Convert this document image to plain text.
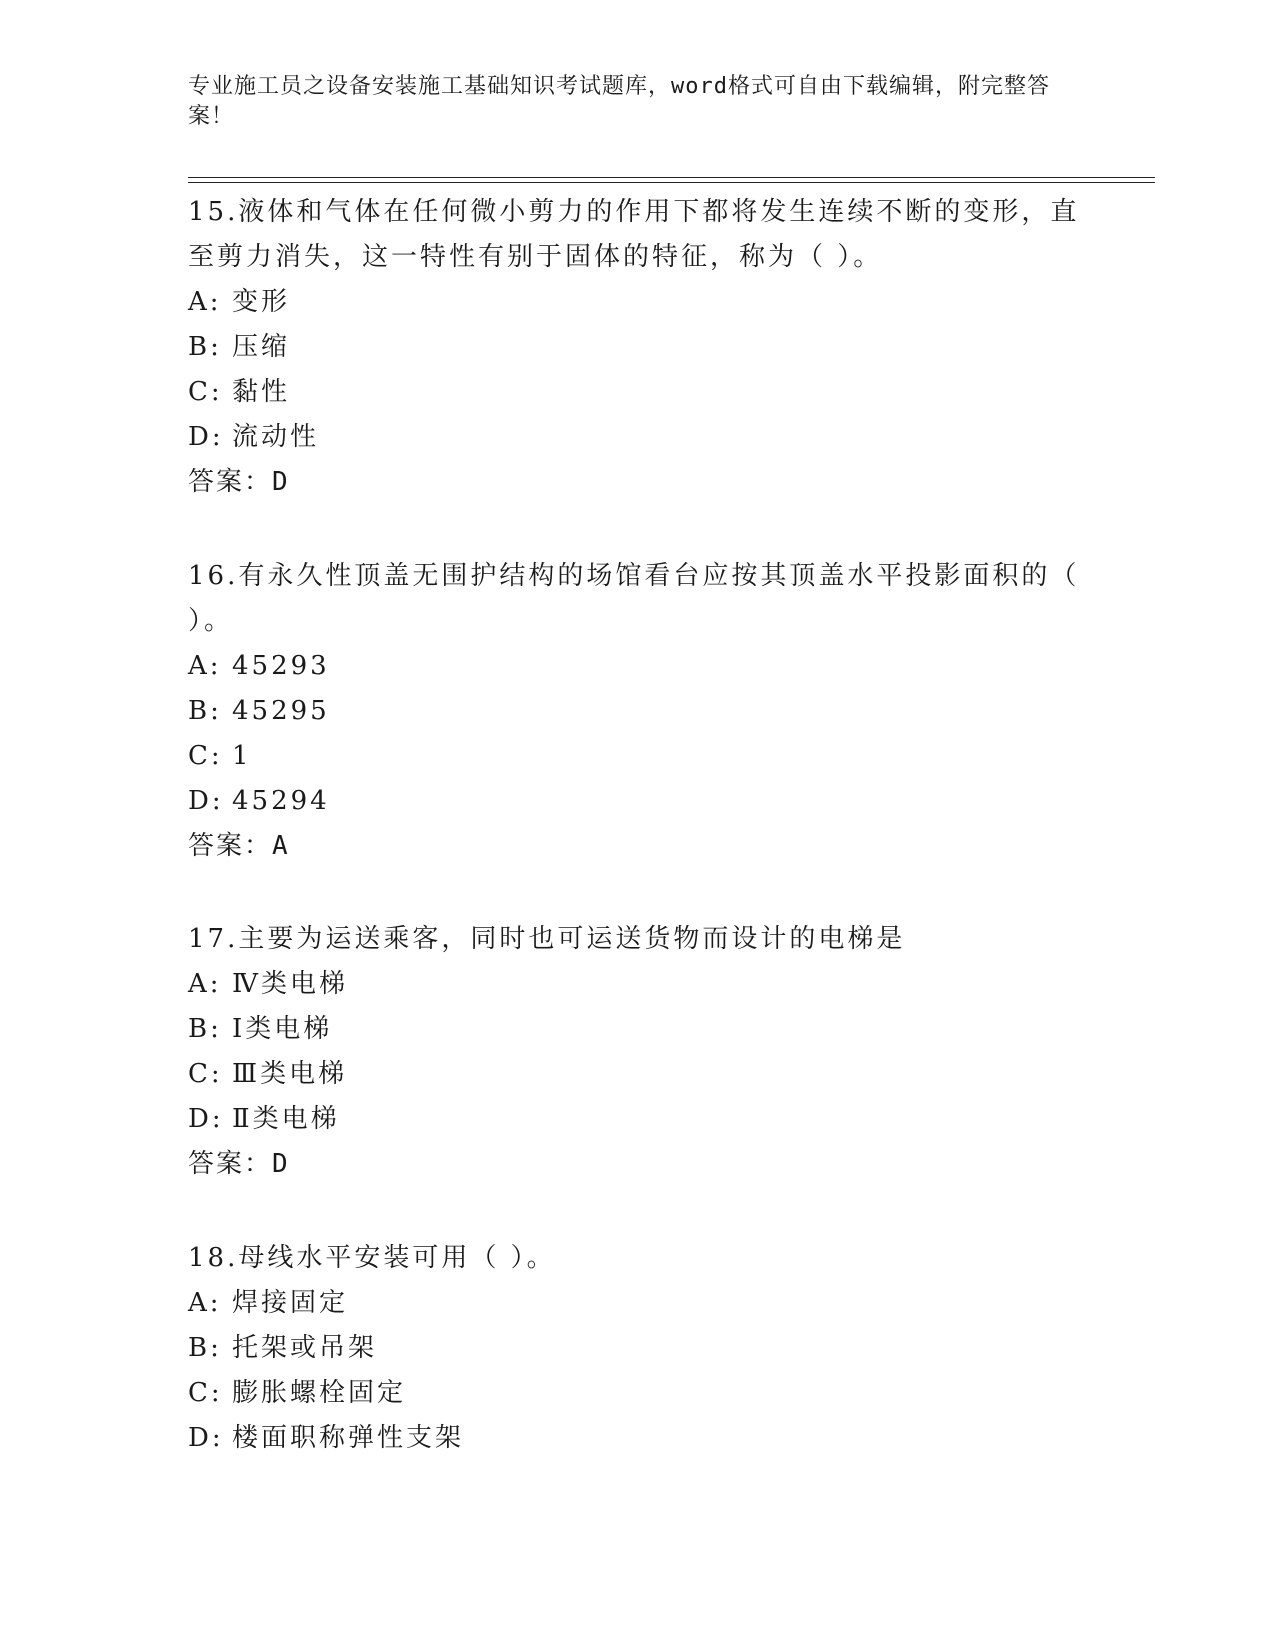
专业施工员之设备安装施工基础知识考试题库，word格式可自由下载编辑，附完整答案！

15.液体和气体在任何微小剪力的作用下都将发生连续不断的变形，直至剪力消失，这一特性有别于固体的特征，称为（ ）。

A: 变形

B: 压缩

C: 黏性

D: 流动性

答案：D

16.有永久性顶盖无围护结构的场馆看台应按其顶盖水平投影面积的（ ）。

A: 45293

B: 45295

C: 1

D: 45294

答案：A

17.主要为运送乘客，同时也可运送货物而设计的电梯是

A: Ⅳ类电梯

B: Ⅰ类电梯

C: Ⅲ类电梯

D: Ⅱ类电梯

答案：D

18.母线水平安装可用（ ）。

A: 焊接固定

B: 托架或吊架

C: 膨胀螺栓固定

D: 楼面职称弹性支架
